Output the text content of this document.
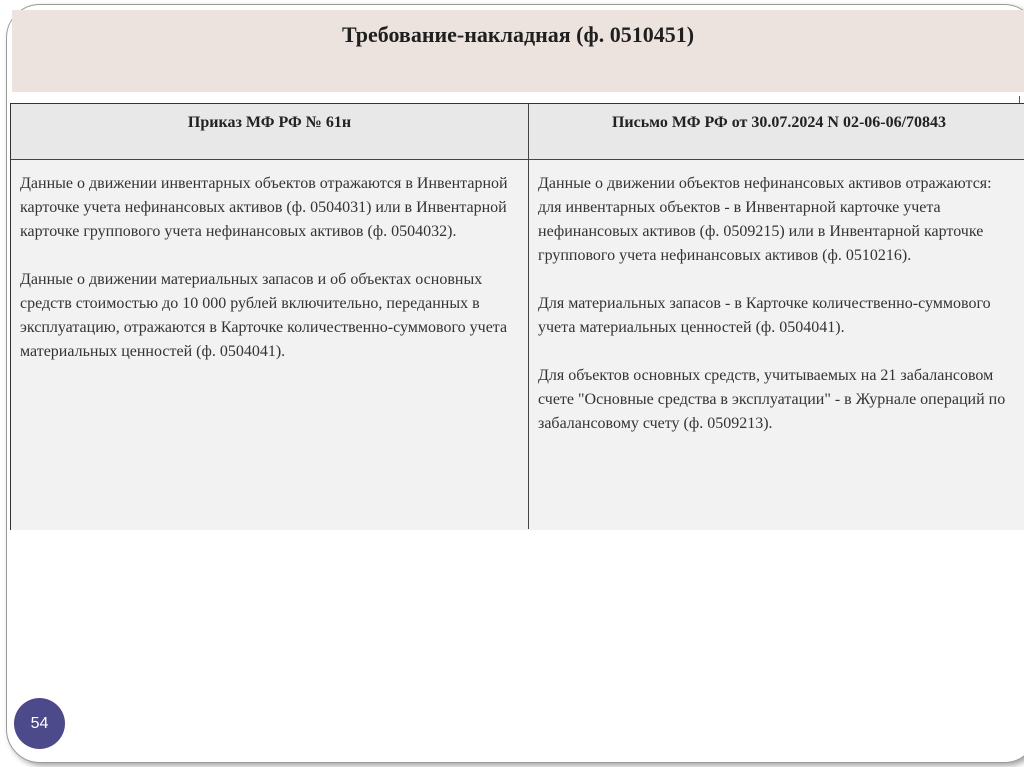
Требование-накладная (ф. 0510451)
Приказ МФ РФ № 61н	Письмо МФ РФ от 30.07.2024 N 02-06-06/70843

Данные о движении инвентарных объектов отражаются в Инвентарной карточке учета нефинансовых активов (ф. 0504031) или в Инвентарной карточке группового учета нефинансовых активов (ф. 0504032).

Данные о движении материальных запасов и об объектах основных средств стоимостью до 10 000 рублей включительно, переданных в эксплуатацию, отражаются в Карточке количественно-суммового учета материальных ценностей (ф. 0504041).

Данные о движении объектов нефинансовых активов отражаются:
для инвентарных объектов - в Инвентарной карточке учета нефинансовых активов (ф. 0509215) или в Инвентарной карточке группового учета нефинансовых активов (ф. 0510216).

Для материальных запасов - в Карточке количественно-суммового учета материальных ценностей (ф. 0504041).

Для объектов основных средств, учитываемых на 21 забалансовом счете "Основные средства в эксплуатации" - в Журнале операций по забалансовому счету (ф. 0509213).

54
